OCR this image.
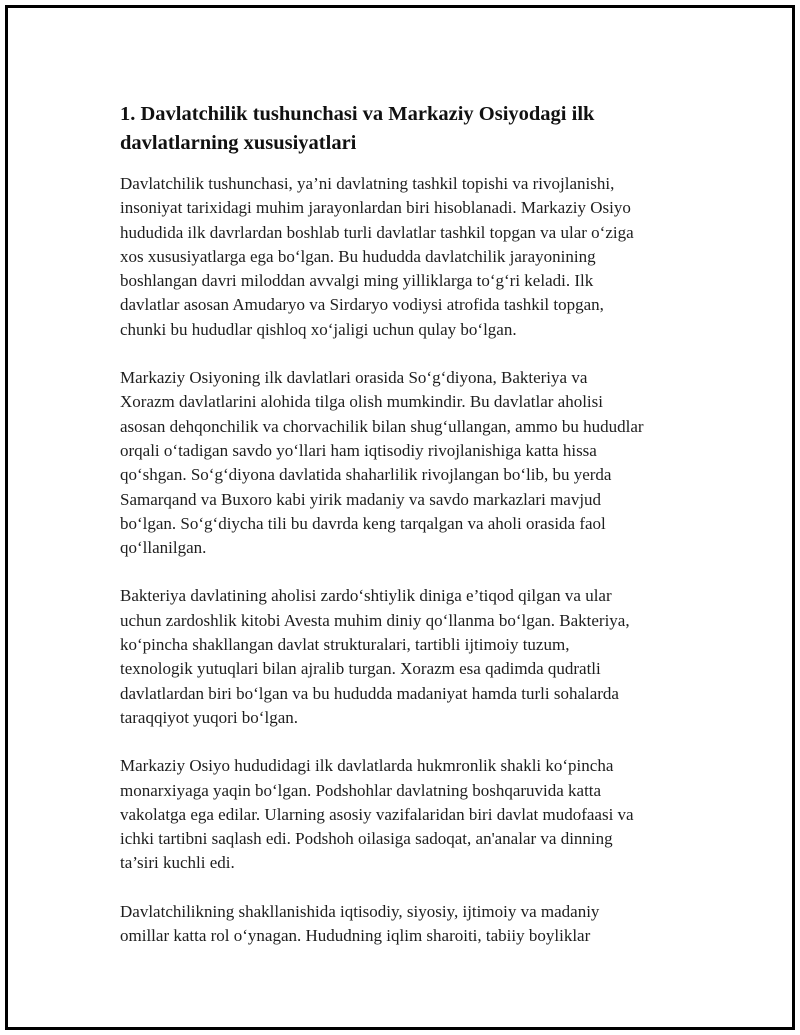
1. Davlatchilik tushunchasi va Markaziy Osiyodagi ilk
davlatlarning xususiyatlari

Davlatchilik tushunchasi, ya’ni davlatning tashkil topishi va rivojlanishi,
insoniyat tarixidagi muhim jarayonlardan biri hisoblanadi. Markaziy Osiyo
hududida ilk davrlardan boshlab turli davlatlar tashkil topgan va ular o‘ziga
xos xususiyatlarga ega bo‘lgan. Bu hududda davlatchilik jarayonining
boshlangan davri miloddan avvalgi ming yilliklarga to‘g‘ri keladi. Ilk
davlatlar asosan Amudaryo va Sirdaryo vodiysi atrofida tashkil topgan,
chunki bu hududlar qishloq xo‘jaligi uchun qulay bo‘lgan.

Markaziy Osiyoning ilk davlatlari orasida So‘g‘diyona, Bakteriya va
Xorazm davlatlarini alohida tilga olish mumkindir. Bu davlatlar aholisi
asosan dehqonchilik va chorvachilik bilan shug‘ullangan, ammo bu hududlar
orqali o‘tadigan savdo yo‘llari ham iqtisodiy rivojlanishiga katta hissa
qo‘shgan. So‘g‘diyona davlatida shaharlilik rivojlangan bo‘lib, bu yerda
Samarqand va Buxoro kabi yirik madaniy va savdo markazlari mavjud
bo‘lgan. So‘g‘diycha tili bu davrda keng tarqalgan va aholi orasida faol
qo‘llanilgan.

Bakteriya davlatining aholisi zardo‘shtiylik diniga e’tiqod qilgan va ular
uchun zardoshlik kitobi Avesta muhim diniy qo‘llanma bo‘lgan. Bakteriya,
ko‘pincha shakllangan davlat strukturalari, tartibli ijtimoiy tuzum,
texnologik yutuqlari bilan ajralib turgan. Xorazm esa qadimda qudratli
davlatlardan biri bo‘lgan va bu hududda madaniyat hamda turli sohalarda
taraqqiyot yuqori bo‘lgan.

Markaziy Osiyo hududidagi ilk davlatlarda hukmronlik shakli ko‘pincha
monarxiyaga yaqin bo‘lgan. Podshohlar davlatning boshqaruvida katta
vakolatga ega edilar. Ularning asosiy vazifalaridan biri davlat mudofaasi va
ichki tartibni saqlash edi. Podshoh oilasiga sadoqat, an'analar va dinning
ta’siri kuchli edi.

Davlatchilikning shakllanishida iqtisodiy, siyosiy, ijtimoiy va madaniy
omillar katta rol o‘ynagan. Hududning iqlim sharoiti, tabiiy boyliklar
